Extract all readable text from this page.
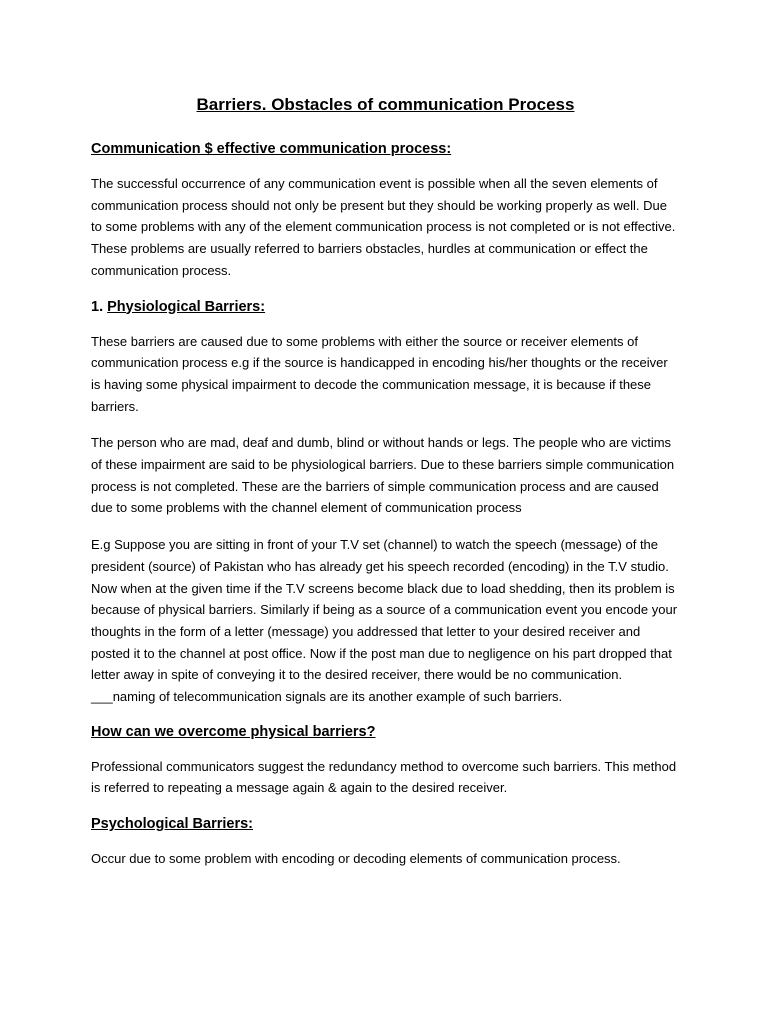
Barriers. Obstacles of communication Process
Communication $ effective communication process:

The successful occurrence of any communication event is possible when all the seven elements of communication process should not only be present but they should be working properly as well. Due to some problems with any of the element communication process is not completed or is not effective. These problems are usually referred to barriers obstacles, hurdles at communication or effect the communication process.

1. Physiological Barriers:

These barriers are caused due to some problems with either the source or receiver elements of communication process e.g if the source is handicapped in encoding his/her thoughts or the receiver is having some physical impairment to decode the communication message, it is because if these barriers.

The person who are mad, deaf and dumb, blind or without hands or legs. The people who are victims of these impairment are said to be physiological barriers. Due to these barriers simple communication process is not completed. These are the barriers of simple communication process and are caused due to some problems with the channel element of communication process

E.g Suppose you are sitting in front of your T.V set (channel) to watch the speech (message) of the president (source) of Pakistan who has already get his speech recorded (encoding) in the T.V studio. Now when at the given time if the T.V screens become black due to load shedding, then its problem is because of physical barriers. Similarly if being as a source of a communication event you encode your thoughts in the form of a letter (message) you addressed that letter to your desired receiver and posted it to the channel at post office. Now if the post man due to negligence on his part dropped that letter away in spite of conveying it to the desired receiver, there would be no communication. ___naming of telecommunication signals are its another example of such barriers.

How can we overcome physical barriers?

Professional communicators suggest the redundancy method to overcome such barriers. This method is referred to repeating a message again & again to the desired receiver.

Psychological Barriers:

Occur due to some problem with encoding or decoding elements of communication process.
